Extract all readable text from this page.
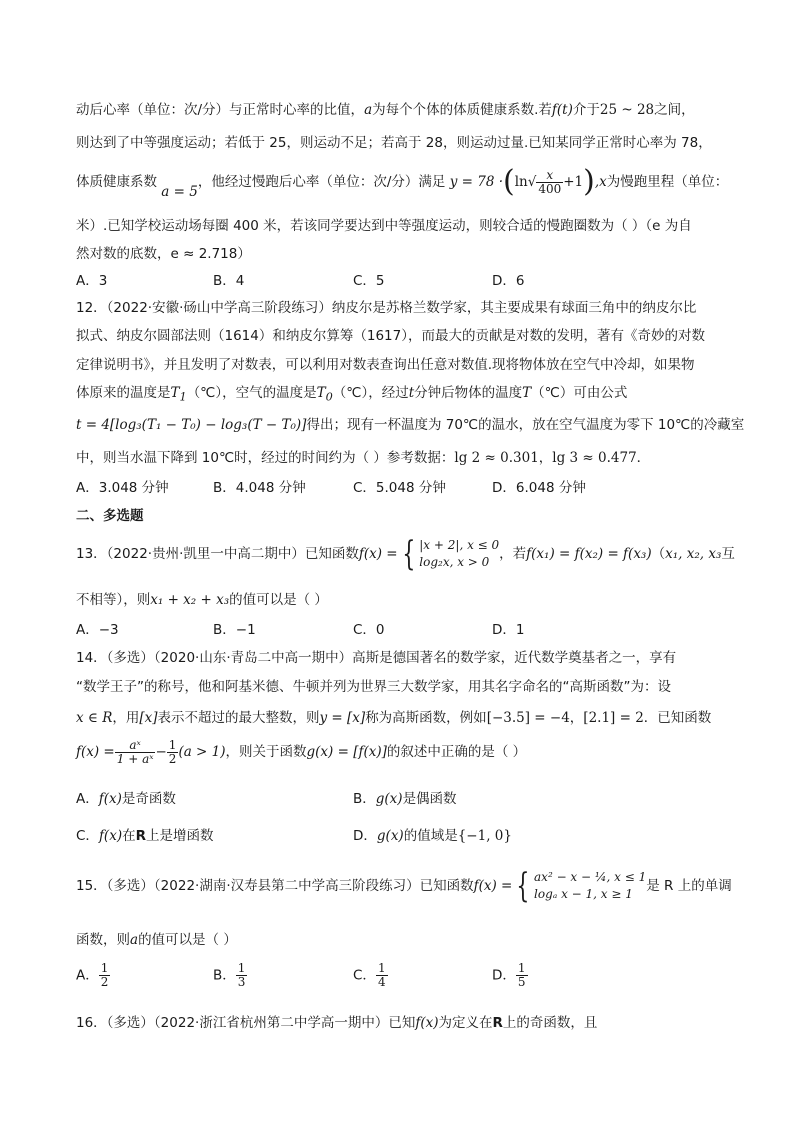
动后心率（单位：次/分）与正常时心率的比值，a为每个个体的体质健康系数.若f(t)介于25 ~ 28之间，
则达到了中等强度运动；若低于 25，则运动不足；若高于 28，则运动过量.已知某同学正常时心率为 78，
体质健康系数 a = 5，他经过慢跑后心率（单位：次/分）满足 $y = 78 \cdot(\ln√ \frac{x}{400} +1),x$为慢跑里程（单位：
米）.已知学校运动场每圈 400 米，若该同学要达到中等强度运动，则较合适的慢跑圈数为（ ）（e 为自
然对数的底数，e ≈ 2.718）
A．3	B．4	C．5	D．6
12．（2022·安徽·砀山中学高三阶段练习）纳皮尔是苏格兰数学家，其主要成果有球面三角中的纳皮尔比
拟式、纳皮尔圆部法则（1614）和纳皮尔算筹（1617），而最大的贡献是对数的发明，著有《奇妙的对数
定律说明书》，并且发明了对数表，可以利用对数表查询出任意对数值.现将物体放在空气中冷却，如果物
体原来的温度是$T_1(℃)$，空气的温度是$T_0(℃)$，经过t分钟后物体的温度T（℃）可由公式
t = 4[log₃(T₁ − T₀) − log₃(T − T₀)]得出；现有一杯温度为 70℃的温水，放在空气温度为零下 10℃的冷藏室
中，则当水温下降到 10℃时，经过的时间约为（ ）参考数据：lg 2 ≈ 0.301，lg 3 ≈ 0.477．
A．3.048 分钟	B．4.048 分钟	C．5.048 分钟	D．6.048 分钟
二、多选题
13．（2022·贵州·凯里一中高二期中）已知函数f(x) = { |x + 2|, x ≤ 0
log₂x, x > 0 ，若f(x₁) = f(x₂) = f(x₃)（x₁, x₂, x₃互
不相等），则x₁ + x₂ + x₃的值可以是（ ）
A．−3	B．−1	C．0	D．1
14．（多选）（2020·山东·青岛二中高一期中）高斯是德国著名的数学家，近代数学奠基者之一，享有
“数学王子”的称号，他和阿基米德、牛顿并列为世界三大数学家，用其名字命名的“高斯函数”为：设
x ∈ R，用[x]表示不超过的最大整数，则y = [x]称为高斯函数，例如[−3.5] = −4，[2.1] = 2．已知函数
$f(x) = \frac{\text{aˣ}}{\text{1 + aˣ}} - \frac{1}{2} (a > 1)$，则关于函数g(x) = [f(x)]的叙述中正确的是（ ）
A．f(x)是奇函数	B．g(x)是偶函数
C．f(x)在R上是增函数	D．g(x)的值域是{−1, 0}
15．（多选）（2022·湖南·汉寿县第二中学高三阶段练习）已知函数f(x) = { ax² − x − ¼, x ≤ 1
logₐ x − 1, x ≥ 1 是 R 上的单调
函数，则a的值可以是（ ）
A． $\frac{1}{2}$	B． $\frac{1}{3}$	C． $\frac{1}{4}$	D． $\frac{1}{5}$
16．（多选）（2022·浙江省杭州第二中学高一期中）已知f(x)为定义在R上的奇函数，且
